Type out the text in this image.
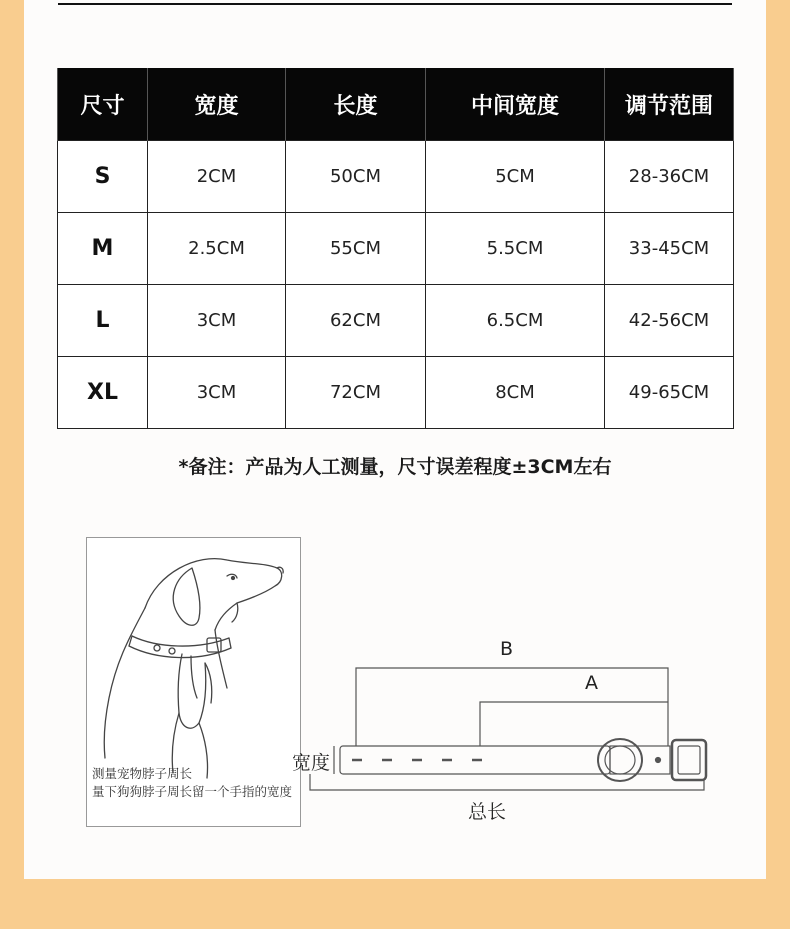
尺寸	宽度	长度	中间宽度	调节范围
S	2CM	50CM	5CM	28-36CM
M	2.5CM	55CM	5.5CM	33-45CM
L	3CM	62CM	6.5CM	42-56CM
XL	3CM	72CM	8CM	49-65CM
*备注：产品为人工测量，尺寸误差程度±3CM左右
测量宠物脖子周长
量下狗狗脖子周长留一个手指的宽度
B
A
宽度
总长
